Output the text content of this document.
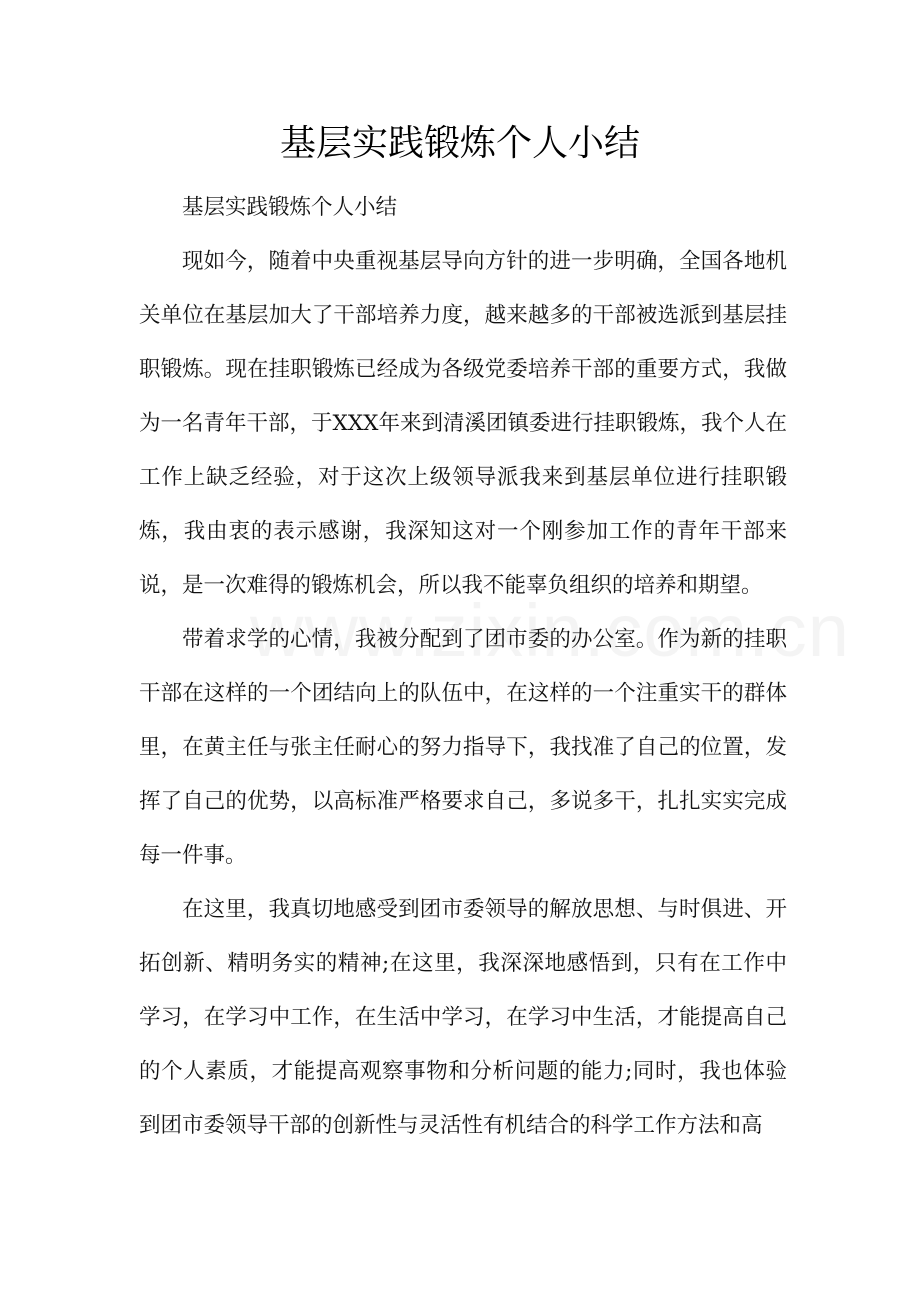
基层实践锻炼个人小结

基层实践锻炼个人小结

现如今，随着中央重视基层导向方针的进一步明确，全国各地机关单位在基层加大了干部培养力度，越来越多的干部被选派到基层挂职锻炼。现在挂职锻炼已经成为各级党委培养干部的重要方式，我做为一名青年干部，于XXX年来到清溪团镇委进行挂职锻炼，我个人在工作上缺乏经验，对于这次上级领导派我来到基层单位进行挂职锻炼，我由衷的表示感谢，我深知这对一个刚参加工作的青年干部来说，是一次难得的锻炼机会，所以我不能辜负组织的培养和期望。

带着求学的心情，我被分配到了团市委的办公室。作为新的挂职干部在这样的一个团结向上的队伍中，在这样的一个注重实干的群体里，在黄主任与张主任耐心的努力指导下，我找准了自己的位置，发挥了自己的优势，以高标准严格要求自己，多说多干，扎扎实实完成每一件事。

在这里，我真切地感受到团市委领导的解放思想、与时俱进、开拓创新、精明务实的精神;在这里，我深深地感悟到，只有在工作中学习，在学习中工作，在生活中学习，在学习中生活，才能提高自己的个人素质，才能提高观察事物和分析问题的能力;同时，我也体验到团市委领导干部的创新性与灵活性有机结合的科学工作方法和高
